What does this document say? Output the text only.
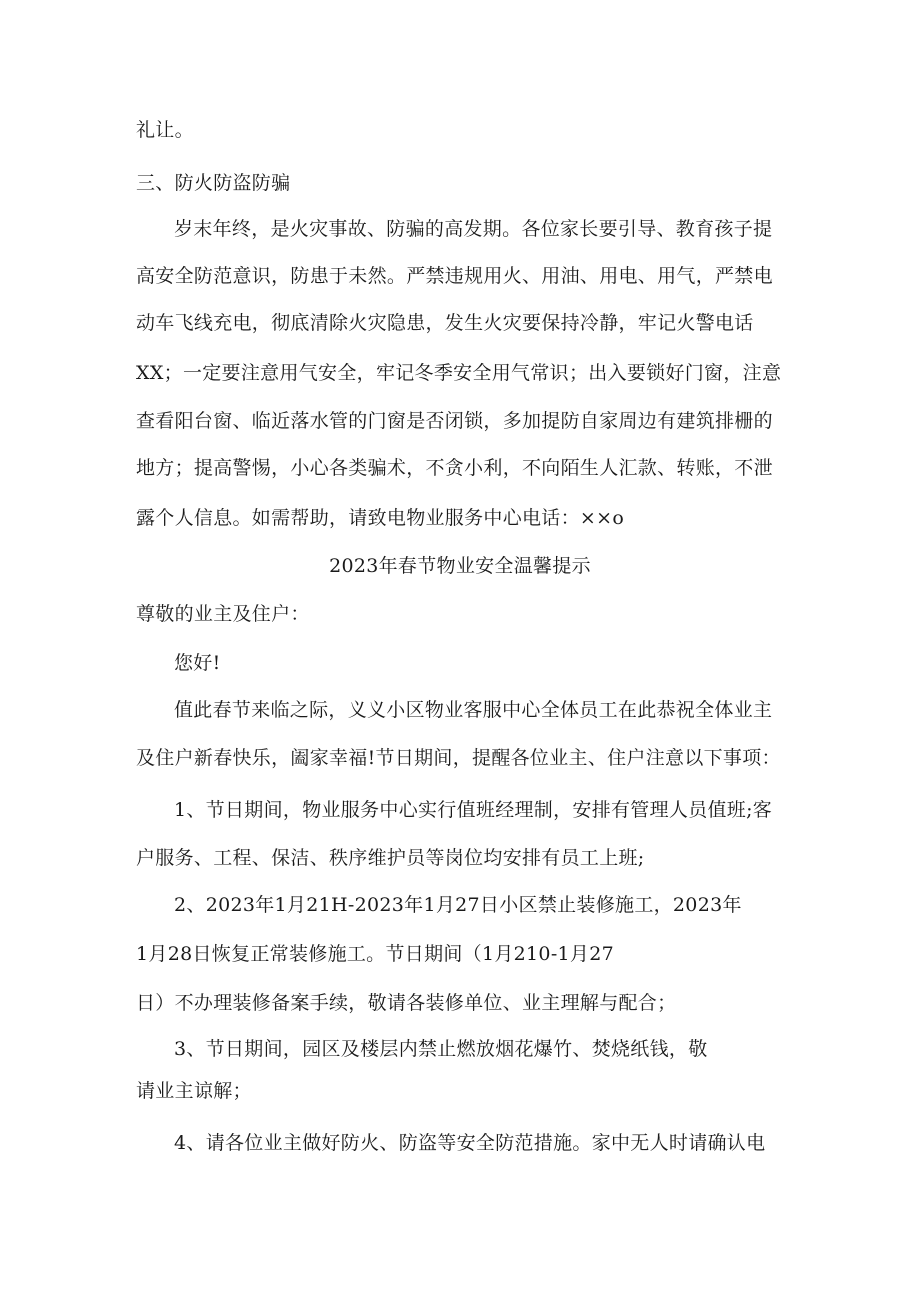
礼让。
三、防火防盗防骗
岁末年终，是火灾事故、防骗的高发期。各位家长要引导、教育孩子提
高安全防范意识，防患于未然。严禁违规用火、用油、用电、用气，严禁电
动车飞线充电，彻底清除火灾隐患，发生火灾要保持冷静，牢记火警电话
XX；一定要注意用气安全，牢记冬季安全用气常识；出入要锁好门窗，注意
查看阳台窗、临近落水管的门窗是否闭锁，多加提防自家周边有建筑排栅的
地方；提高警惕，小心各类骗术，不贪小利，不向陌生人汇款、转账，不泄
露个人信息。如需帮助，请致电物业服务中心电话：××o
2023年春节物业安全温馨提示
尊敬的业主及住户：
您好!
值此春节来临之际，义义小区物业客服中心全体员工在此恭祝全体业主
及住户新春快乐，阖家幸福!节日期间，提醒各位业主、住户注意以下事项：
1、节日期间，物业服务中心实行值班经理制，安排有管理人员值班;客
户服务、工程、保洁、秩序维护员等岗位均安排有员工上班;
2、2023年1月21H-2023年1月27日小区禁止装修施工，2023年
1月28日恢复正常装修施工。节日期间（1月210-1月27
日）不办理装修备案手续，敬请各装修单位、业主理解与配合；
3、节日期间，园区及楼层内禁止燃放烟花爆竹、焚烧纸钱，敬
请业主谅解；
4、请各位业主做好防火、防盗等安全防范措施。家中无人时请确认电
